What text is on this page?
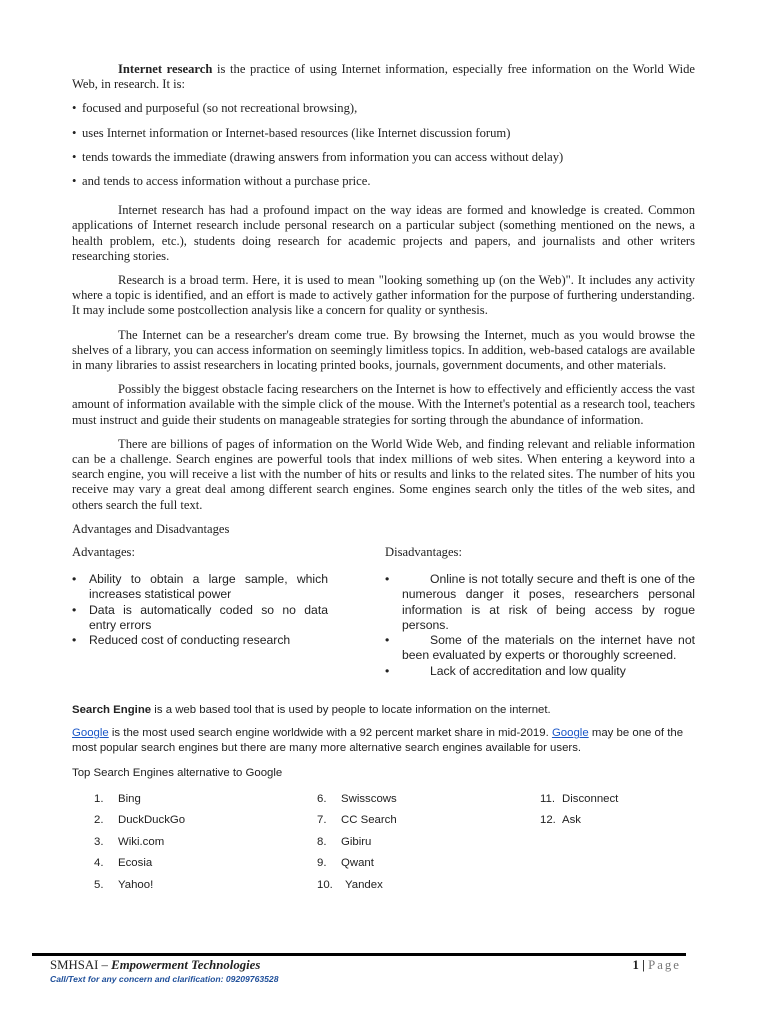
Internet research is the practice of using Internet information, especially free information on the World Wide Web, in research. It is:

• focused and purposeful (so not recreational browsing),
• uses Internet information or Internet-based resources (like Internet discussion forum)
• tends towards the immediate (drawing answers from information you can access without delay)
• and tends to access information without a purchase price.

Internet research has had a profound impact on the way ideas are formed and knowledge is created. Common applications of Internet research include personal research on a particular subject (something mentioned on the news, a health problem, etc.), students doing research for academic projects and papers, and journalists and other writers researching stories.

Research is a broad term. Here, it is used to mean "looking something up (on the Web)". It includes any activity where a topic is identified, and an effort is made to actively gather information for the purpose of furthering understanding. It may include some postcollection analysis like a concern for quality or synthesis.

The Internet can be a researcher's dream come true. By browsing the Internet, much as you would browse the shelves of a library, you can access information on seemingly limitless topics. In addition, web-based catalogs are available in many libraries to assist researchers in locating printed books, journals, government documents, and other materials.

Possibly the biggest obstacle facing researchers on the Internet is how to effectively and efficiently access the vast amount of information available with the simple click of the mouse. With the Internet's potential as a research tool, teachers must instruct and guide their students on manageable strategies for sorting through the abundance of information.

There are billions of pages of information on the World Wide Web, and finding relevant and reliable information can be a challenge. Search engines are powerful tools that index millions of web sites. When entering a keyword into a search engine, you will receive a list with the number of hits or results and links to the related sites. The number of hits you receive may vary a great deal among different search engines. Some engines search only the titles of the web sites, and others search the full text.

Advantages and Disadvantages

Advantages:
•	Ability to obtain a large sample, which increases statistical power
•	Data is automatically coded so no data entry errors
•	Reduced cost of conducting research
Disadvantages:
•	Online is not totally secure and theft is one of the numerous danger it poses, researchers personal information is at risk of being access by rogue persons.
•	Some of the materials on the internet have not been evaluated by experts or thoroughly screened.
•	Lack of accreditation and low quality

Search Engine is a web based tool that is used by people to locate information on the internet.

Google is the most used search engine worldwide with a 92 percent market share in mid-2019. Google may be one of the most popular search engines but there are many more alternative search engines available for users.

Top Search Engines alternative to Google

1.	Bing	6.	Swisscows	11. Disconnect
2.	DuckDuckGo	7.	CC Search	12. Ask
3.	Wiki.com	8.	Gibiru
4.	Ecosia	9.	Qwant
5.	Yahoo!	10.	Yandex
SMHSAI – Empowerment Technologies
Call/Text for any concern and clarification: 09209763528
1 | Page
